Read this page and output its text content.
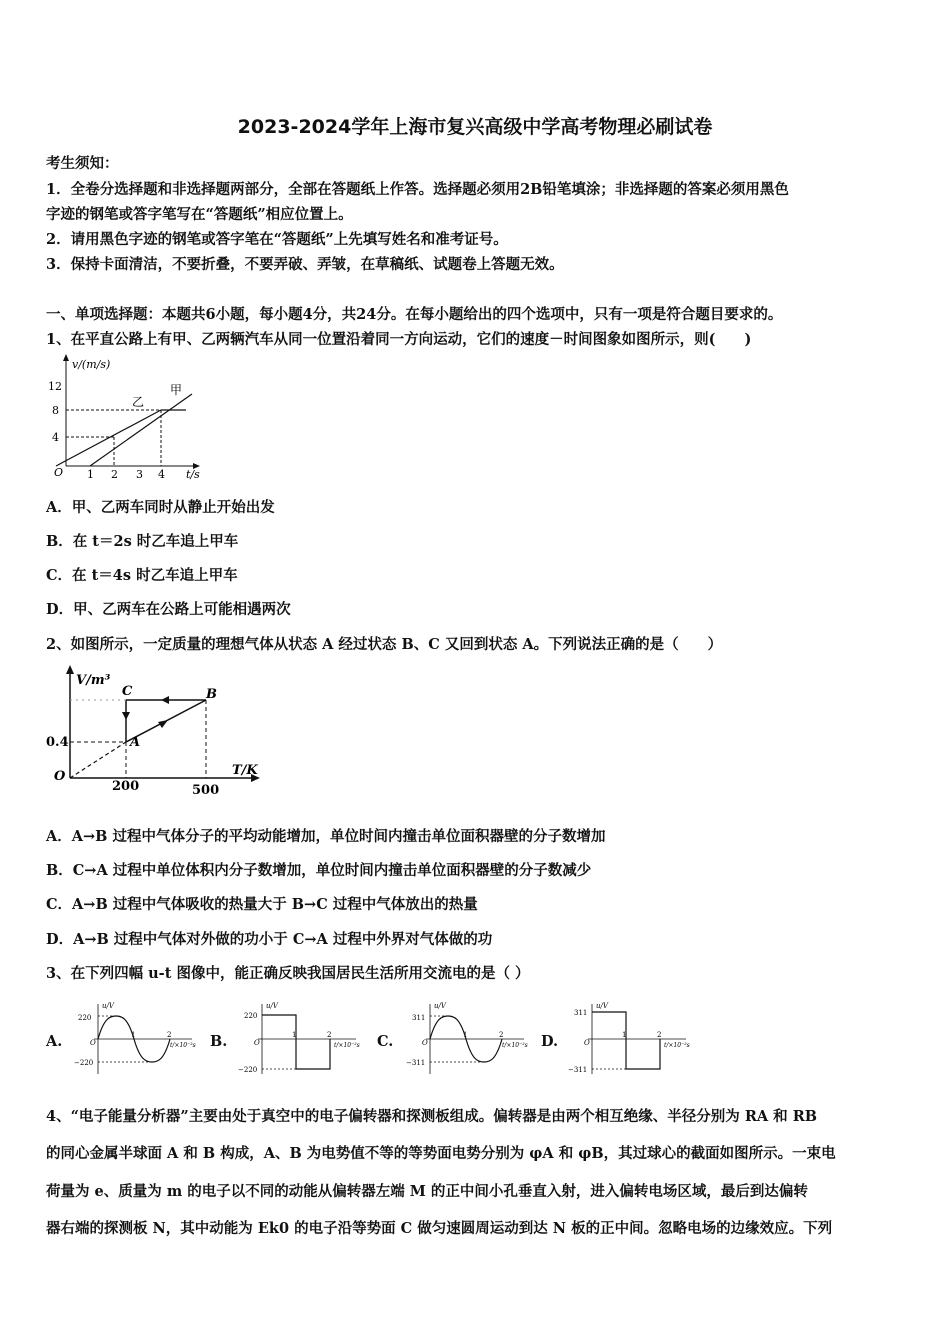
2023-2024学年上海市复兴高级中学高考物理必刷试卷
考生须知：
1．全卷分选择题和非选择题两部分，全部在答题纸上作答。选择题必须用2B铅笔填涂；非选择题的答案必须用黑色
字迹的钢笔或答字笔写在“答题纸”相应位置上。
2．请用黑色字迹的钢笔或答字笔在“答题纸”上先填写姓名和准考证号。
3．保持卡面清洁，不要折叠，不要弄破、弄皱，在草稿纸、试题卷上答题无效。
一、单项选择题：本题共6小题，每小题4分，共24分。在每小题给出的四个选项中，只有一项是符合题目要求的。
1、在平直公路上有甲、乙两辆汽车从同一位置沿着同一方向运动，它们的速度－时间图象如图所示，则(　　)
v/(m/s)
12
8
4
O 1 2 3 4 t/s
乙
甲
A．甲、乙两车同时从静止开始出发
B．在 t＝2s 时乙车追上甲车
C．在 t＝4s 时乙车追上甲车
D．甲、乙两车在公路上可能相遇两次
2、如图所示，一定质量的理想气体从状态 A 经过状态 B、C 又回到状态 A。下列说法正确的是（　　）
V/m³
0.4
O
200	500
T/K
C	B
A
A．A→B 过程中气体分子的平均动能增加，单位时间内撞击单位面积器壁的分子数增加
B．C→A 过程中单位体积内分子数增加，单位时间内撞击单位面积器壁的分子数减少
C．A→B 过程中气体吸收的热量大于 B→C 过程中气体放出的热量
D．A→B 过程中气体对外做的功小于 C→A 过程中外界对气体做的功
3、在下列四幅 u-t 图像中，能正确反映我国居民生活所用交流电的是（ ）
A.
u/V
220
−220
O
1	2
t/×10⁻²s B.
u/V
220
−220
O
1	2
t/×10⁻²s C.
u/V
311
−311
O
1	2
t/×10⁻²s D.
u/V
311
−311
O
1	2
t/×10⁻²s
4、“电子能量分析器”主要由处于真空中的电子偏转器和探测板组成。偏转器是由两个相互绝缘、半径分别为 RA 和 RB
的同心金属半球面 A 和 B 构成，A、B 为电势值不等的等势面电势分别为 φA 和 φB，其过球心的截面如图所示。一束电
荷量为 e、质量为 m 的电子以不同的动能从偏转器左端 M 的正中间小孔垂直入射，进入偏转电场区域，最后到达偏转
器右端的探测板 N，其中动能为 Ek0 的电子沿等势面 C 做匀速圆周运动到达 N 板的正中间。忽略电场的边缘效应。下列
